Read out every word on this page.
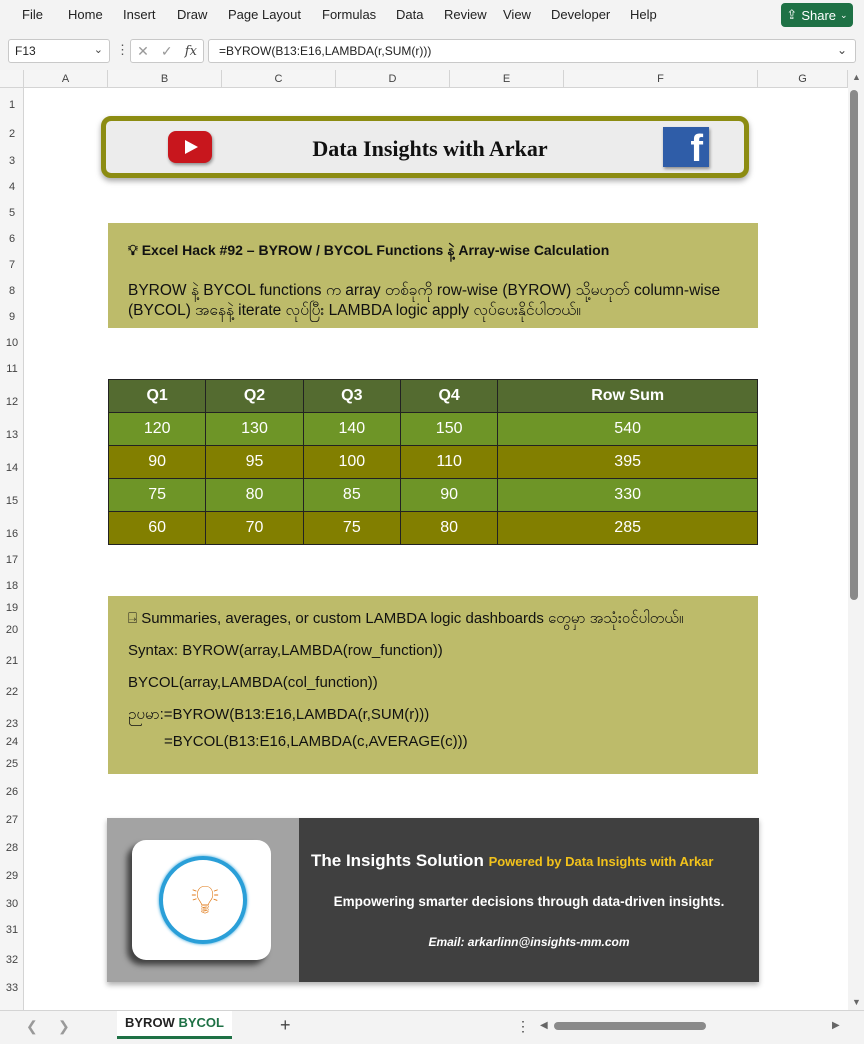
File Home Insert Draw Page Layout Formulas Data Review View Developer Help	⇪ Share ⌄
F13	⌄ ⋮ ✕ ✓ fx	=BYROW(B13:E16,LAMBDA(r,SUM(r)))	⌄
A	B	C	D	E	F	G
1
2
3
4
5
6
7
8
9
10
11
12
13
14
15
16
17
18
19
20
21
22
23
24
25
26
27
28
29
30
31
32
33
Data Insights with Arkar	f
💡︎ Excel Hack #92 – BYROW / BYCOL Functions နဲ့ Array-wise Calculation
BYROW နဲ့ BYCOL functions က array တစ်ခုကို row-wise (BYROW) သို့မဟုတ် column-wise (BYCOL) အနေနဲ့ iterate လုပ်ပြီး LAMBDA logic apply လုပ်ပေးနိုင်ပါတယ်။
Q1	Q2	Q3	Q4	Row Sum
120	130	140	150	540
90	95	100	110	395
75	80	85	90	330
60	70	75	80	285
⍈ Summaries, averages, or custom LAMBDA logic dashboards တွေမှာ အသုံးဝင်ပါတယ်။
Syntax: BYROW(array,LAMBDA(row_function))
BYCOL(array,LAMBDA(col_function))
ဉပမာ:=BYROW(B13:E16,LAMBDA(r,SUM(r)))
=BYCOL(B13:E16,LAMBDA(c,AVERAGE(c)))
💡︎
The Insights Solution Powered by Data Insights with Arkar
Empowering smarter decisions through data-driven insights.
Email: arkarlinn@insights-mm.com
▲
▼
❮ ❯	BYROW BYCOL	+	⋮ ◀	▶
